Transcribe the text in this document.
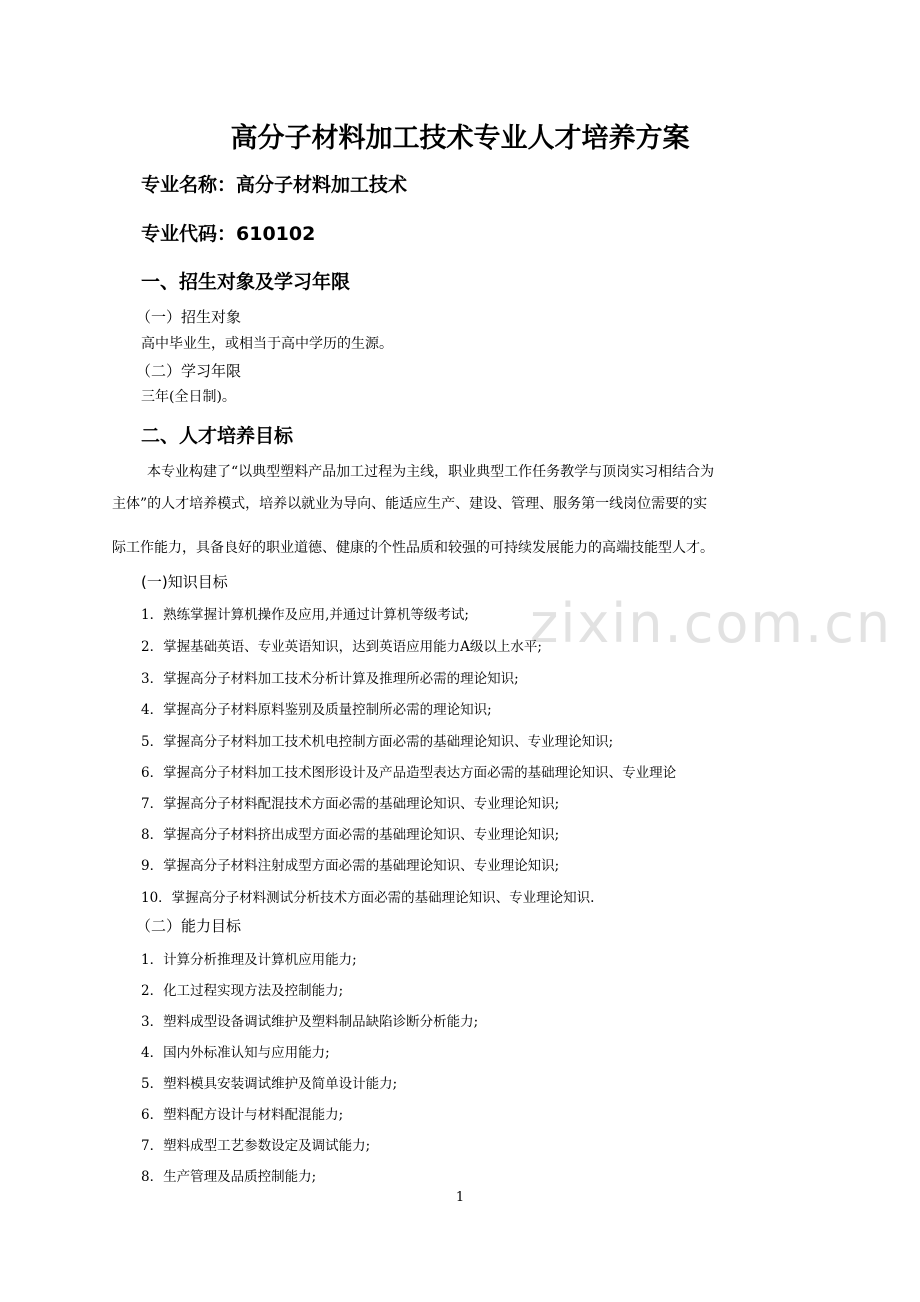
zixin.com.cn
高分子材料加工技术专业人才培养方案
专业名称：高分子材料加工技术
专业代码：610102
一、招生对象及学习年限
（一）招生对象
高中毕业生，或相当于高中学历的生源。
（二）学习年限
三年(全日制)。
二、人才培养目标
本专业构建了“以典型塑料产品加工过程为主线，职业典型工作任务教学与顶岗实习相结合为
主体”的人才培养模式，培养以就业为导向、能适应生产、建设、管理、服务第一线岗位需要的实
际工作能力，具备良好的职业道德、健康的个性品质和较强的可持续发展能力的高端技能型人才。
(一)知识目标
1．熟练掌握计算机操作及应用,并通过计算机等级考试;
2．掌握基础英语、专业英语知识，达到英语应用能力A级以上水平;
3．掌握高分子材料加工技术分析计算及推理所必需的理论知识;
4．掌握高分子材料原料鉴别及质量控制所必需的理论知识;
5．掌握高分子材料加工技术机电控制方面必需的基础理论知识、专业理论知识;
6．掌握高分子材料加工技术图形设计及产品造型表达方面必需的基础理论知识、专业理论
7．掌握高分子材料配混技术方面必需的基础理论知识、专业理论知识;
8．掌握高分子材料挤出成型方面必需的基础理论知识、专业理论知识;
9．掌握高分子材料注射成型方面必需的基础理论知识、专业理论知识;
10．掌握高分子材料测试分析技术方面必需的基础理论知识、专业理论知识.
（二）能力目标
1．计算分析推理及计算机应用能力;
2．化工过程实现方法及控制能力;
3．塑料成型设备调试维护及塑料制品缺陷诊断分析能力;
4．国内外标准认知与应用能力;
5．塑料模具安装调试维护及简单设计能力;
6．塑料配方设计与材料配混能力;
7．塑料成型工艺参数设定及调试能力;
8．生产管理及品质控制能力;
1
